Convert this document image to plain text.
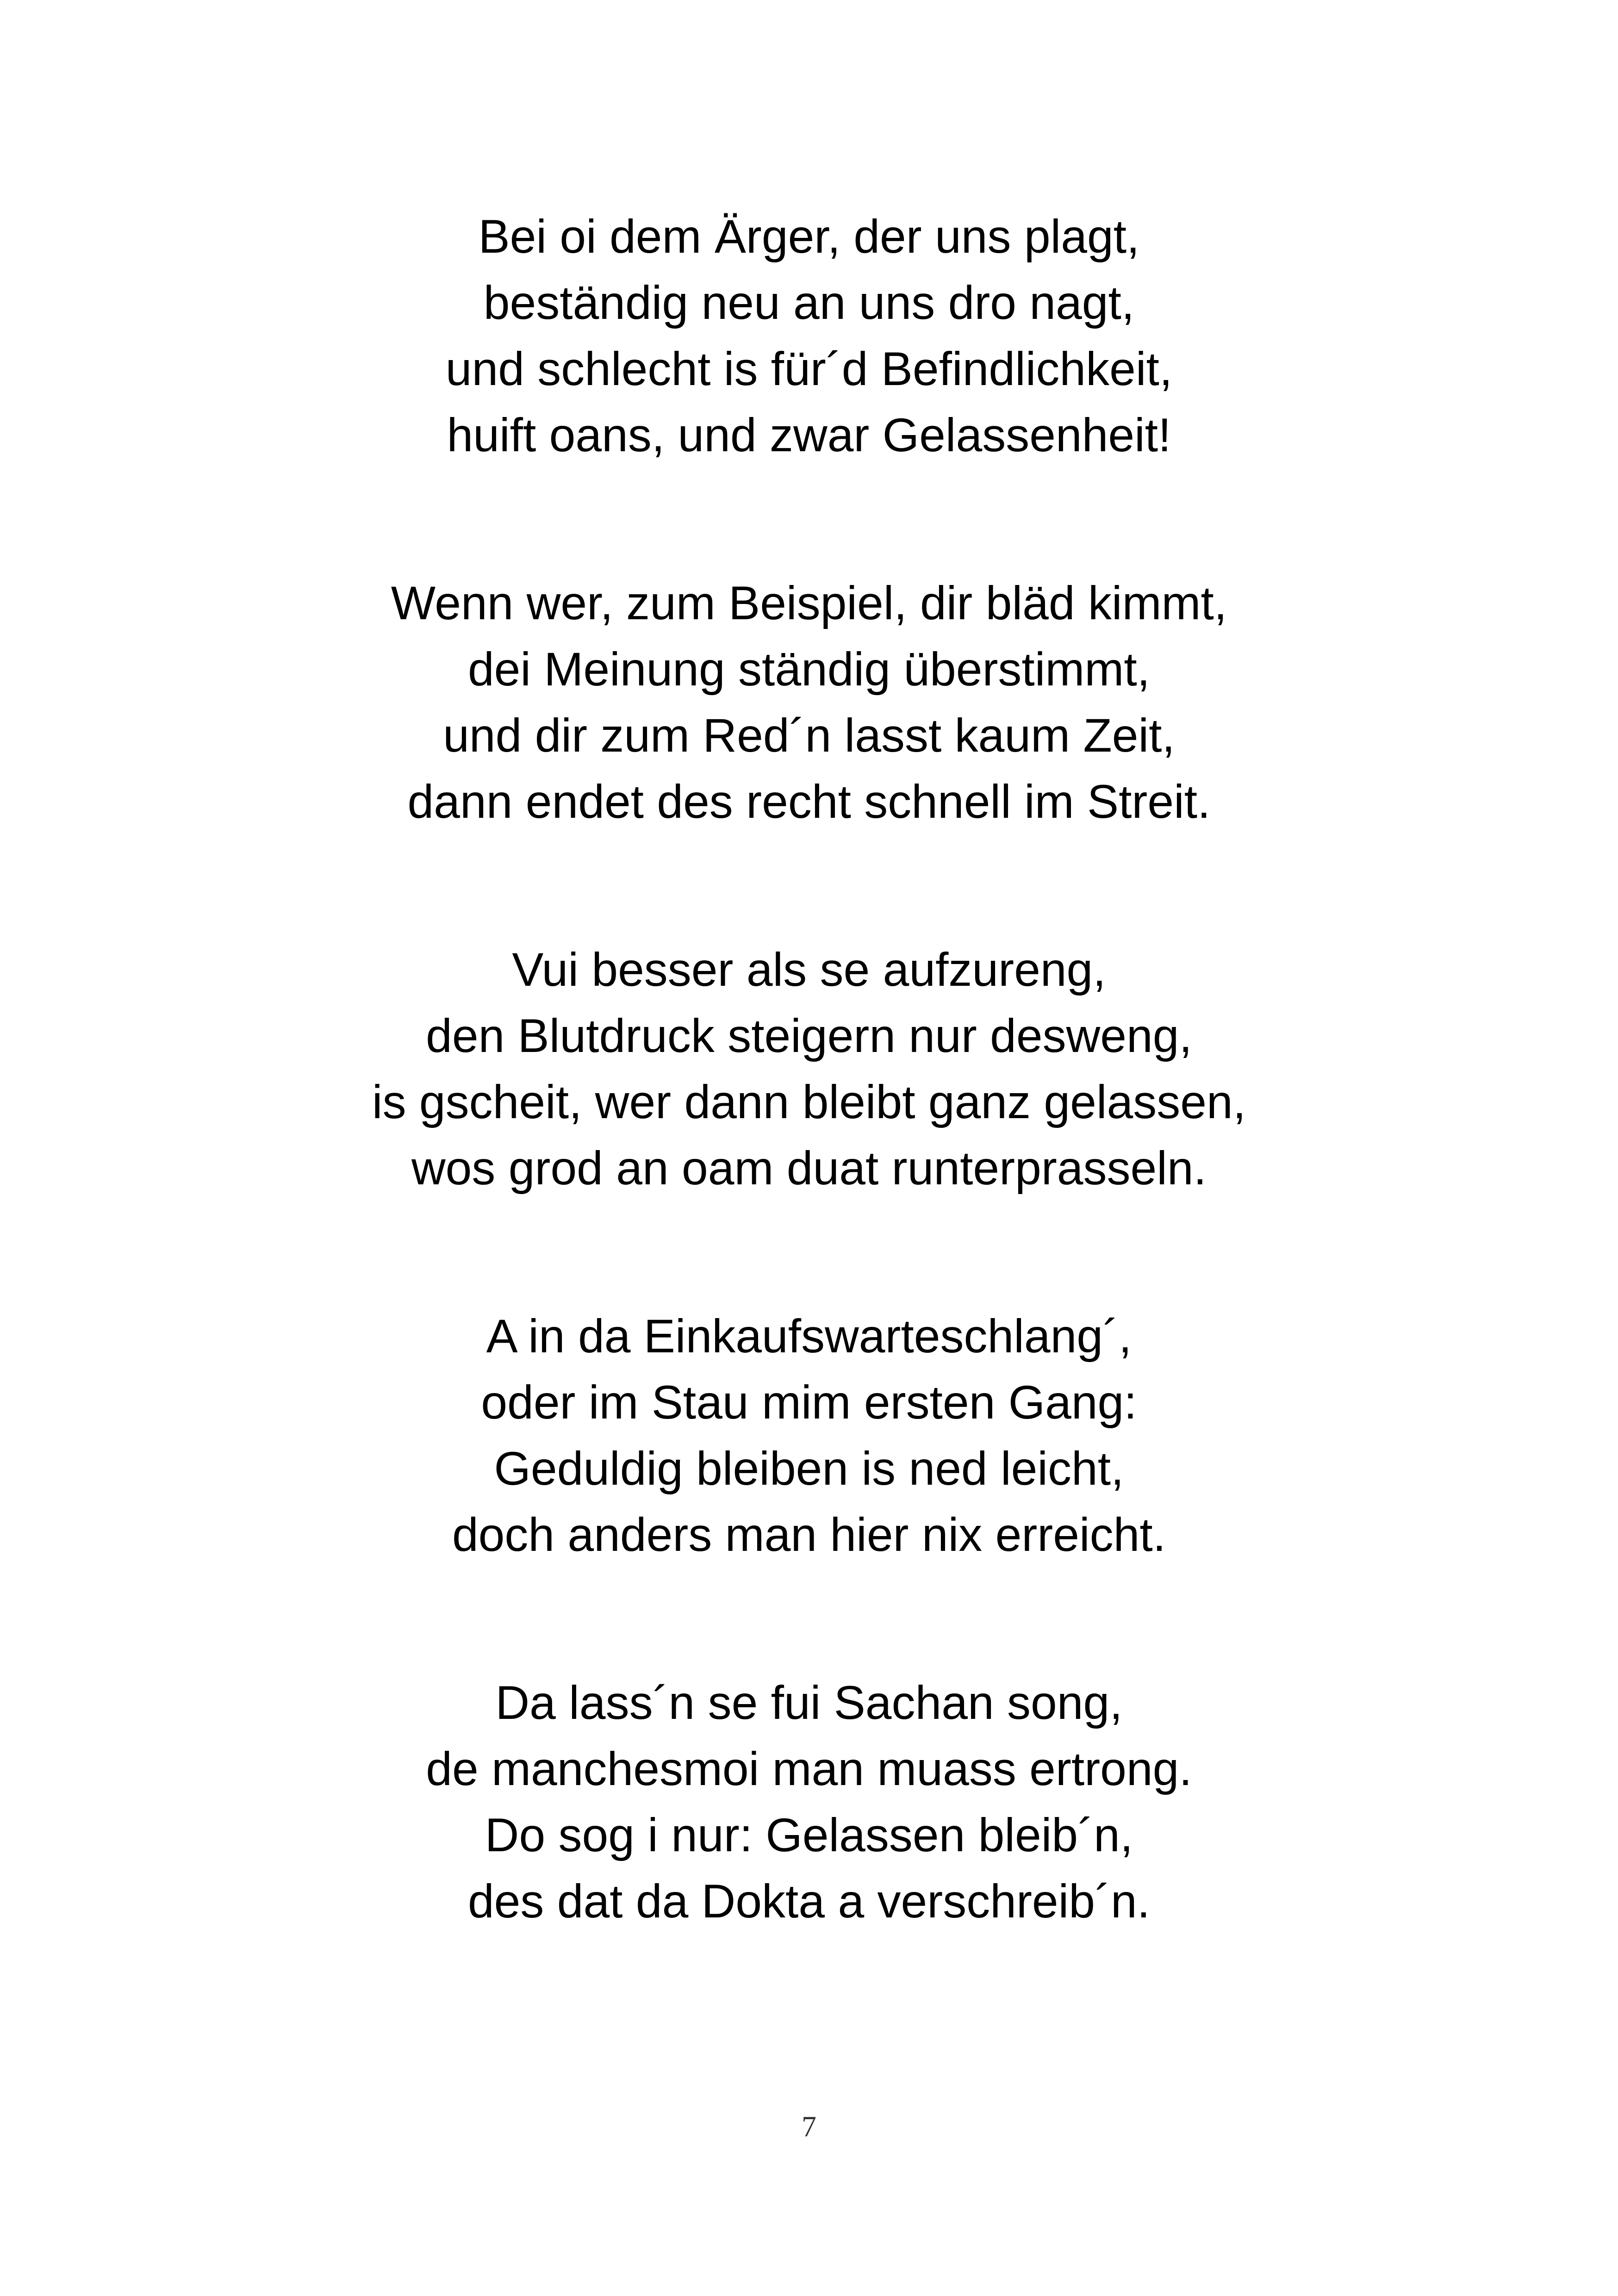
Bei oi dem Ärger, der uns plagt,
beständig neu an uns dro nagt,
und schlecht is für´d Befindlichkeit,
huift oans, und zwar Gelassenheit!
Wenn wer, zum Beispiel, dir bläd kimmt,
dei Meinung ständig überstimmt,
und dir zum Red´n lasst kaum Zeit,
dann endet des recht schnell im Streit.
Vui besser als se aufzureng,
den Blutdruck steigern nur desweng,
is gscheit, wer dann bleibt ganz gelassen,
wos grod an oam duat runterprasseln.
A in da Einkaufswarteschlang´,
oder im Stau mim ersten Gang:
Geduldig bleiben is ned leicht,
doch anders man hier nix erreicht.
Da lass´n se fui Sachan song,
de manchesmoi man muass ertrong.
Do sog i nur: Gelassen bleib´n,
des dat da Dokta a verschreib´n.
7
